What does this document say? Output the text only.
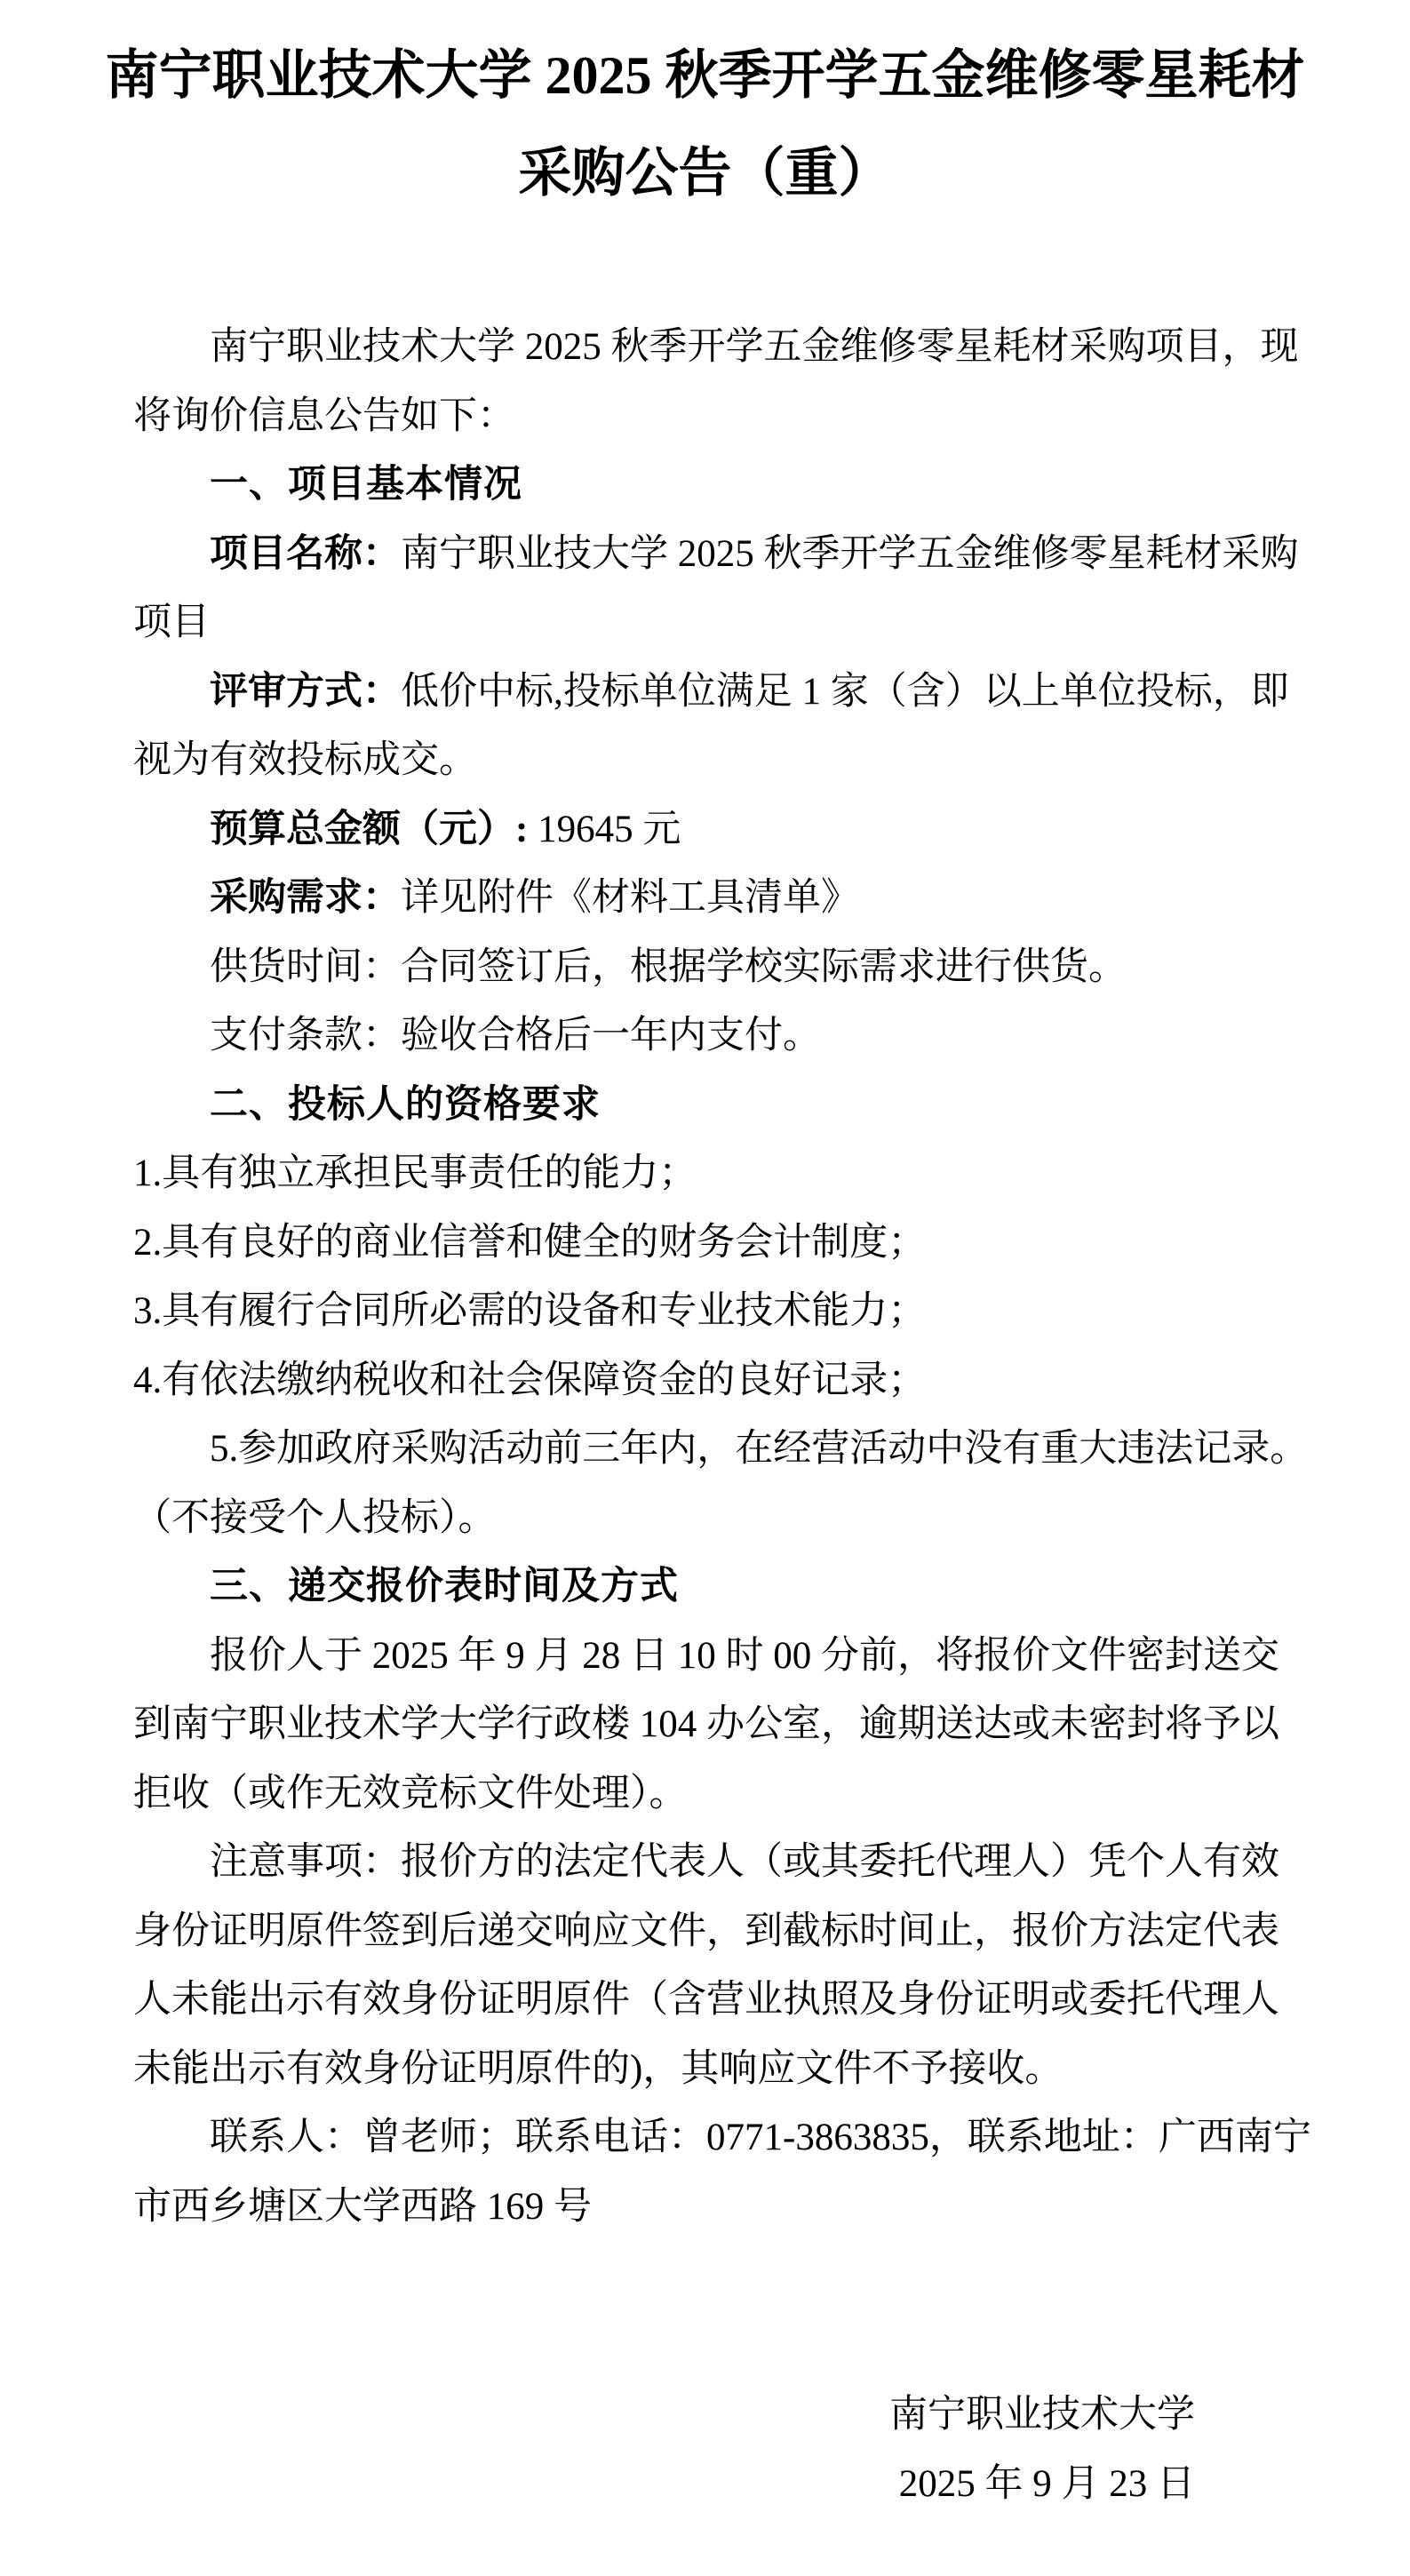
南宁职业技术大学 2025 秋季开学五金维修零星耗材

采购公告（重）

南宁职业技术大学 2025 秋季开学五金维修零星耗材采购项目，现

将询价信息公告如下：

一、项目基本情况

项目名称：南宁职业技大学 2025 秋季开学五金维修零星耗材采购

项目

评审方式：低价中标,投标单位满足 1 家（含）以上单位投标，即

视为有效投标成交。

预算总金额（元）: 19645 元

采购需求：详见附件《材料工具清单》

供货时间：合同签订后，根据学校实际需求进行供货。

支付条款：验收合格后一年内支付。

二、投标人的资格要求

1.具有独立承担民事责任的能力；

2.具有良好的商业信誉和健全的财务会计制度；

3.具有履行合同所必需的设备和专业技术能力；

4.有依法缴纳税收和社会保障资金的良好记录；

5.参加政府采购活动前三年内，在经营活动中没有重大违法记录。

（不接受个人投标）。

三、递交报价表时间及方式

报价人于 2025 年 9 月 28 日 10 时 00 分前，将报价文件密封送交

到南宁职业技术学大学行政楼 104 办公室，逾期送达或未密封将予以

拒收（或作无效竞标文件处理）。

注意事项：报价方的法定代表人（或其委托代理人）凭个人有效

身份证明原件签到后递交响应文件，到截标时间止，报价方法定代表

人未能出示有效身份证明原件（含营业执照及身份证明或委托代理人

未能出示有效身份证明原件的)，其响应文件不予接收。

联系人：曾老师；联系电话：0771-3863835，联系地址：广西南宁

市西乡塘区大学西路 169 号

南宁职业技术大学

2025 年 9 月 23 日
